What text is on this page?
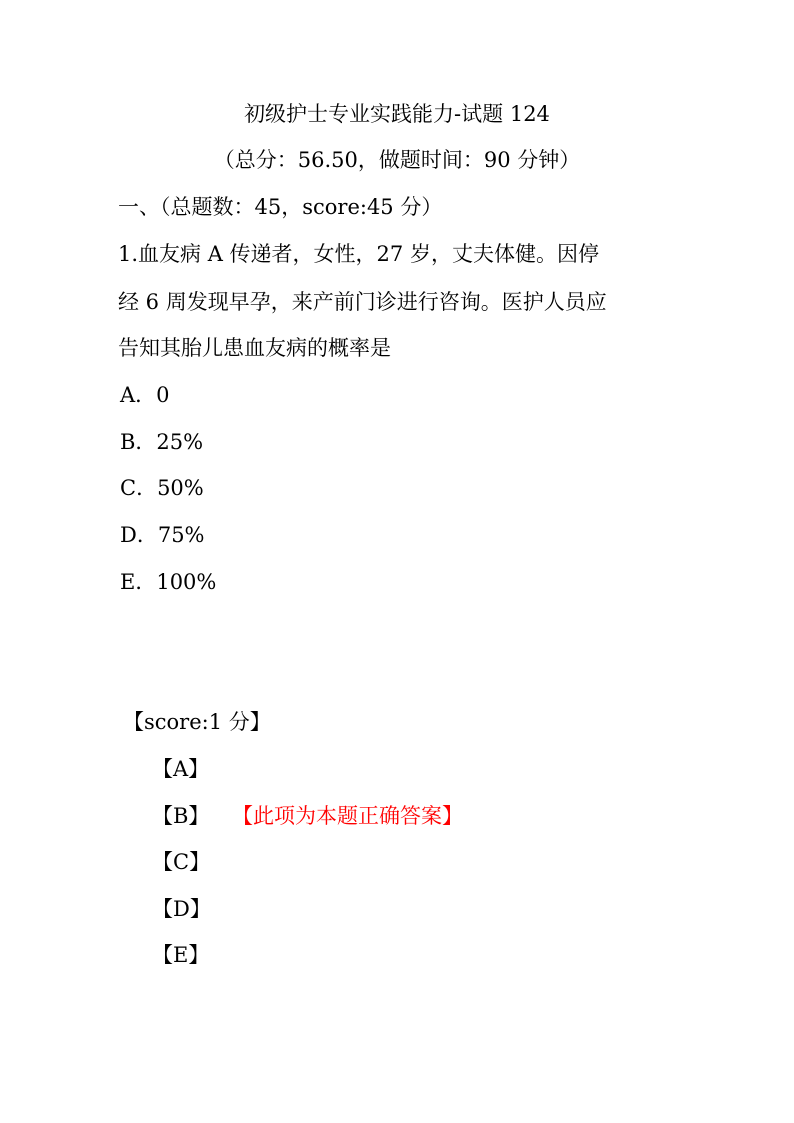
初级护士专业实践能力-试题 124
（总分：56.50，做题时间：90 分钟）
一、（总题数：45，score:45 分）
1.血友病 A 传递者，女性，27 岁，丈夫体健。因停
经 6 周发现早孕，来产前门诊进行咨询。医护人员应
告知其胎儿患血友病的概率是
A．0
B．25%
C．50%
D．75%
E．100%
【score:1 分】
【A】
【B】 【此项为本题正确答案】
【C】
【D】
【E】
